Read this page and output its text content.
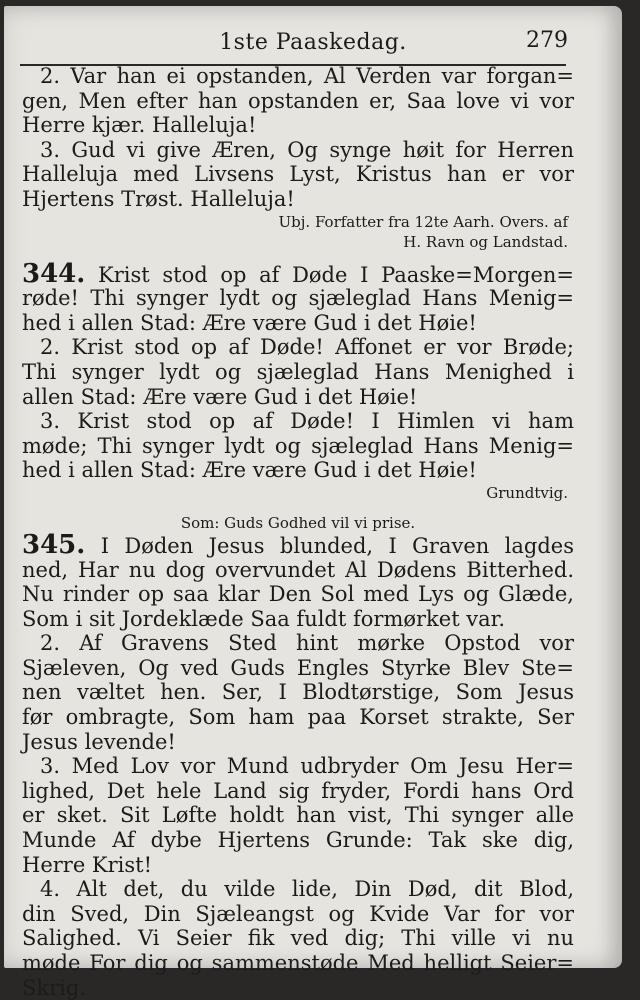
1ste Paaskedag.	279
2. Var han ei opstanden, Al Verden var forgan=
gen, Men efter han opstanden er, Saa love vi vor
Herre kjær. Halleluja!
3. Gud vi give Æren, Og synge høit for Herren
Halleluja med Livsens Lyst, Kristus han er vor
Hjertens Trøst. Halleluja!
Ubj. Forfatter fra 12te Aarh. Overs. af
H. Ravn og Landstad.
344. Krist stod op af Døde I Paaske=Morgen=
røde! Thi synger lydt og sjæleglad Hans Menig=
hed i allen Stad: Ære være Gud i det Høie!
2. Krist stod op af Døde! Affonet er vor Brøde;
Thi synger lydt og sjæleglad Hans Menighed i
allen Stad: Ære være Gud i det Høie!
3. Krist stod op af Døde! I Himlen vi ham
møde; Thi synger lydt og sjæleglad Hans Menig=
hed i allen Stad: Ære være Gud i det Høie!
Grundtvig.
Som: Guds Godhed vil vi prise.
345. I Døden Jesus blunded, I Graven lagdes
ned, Har nu dog overvundet Al Dødens Bitterhed.
Nu rinder op saa klar Den Sol med Lys og Glæde,
Som i sit Jordeklæde Saa fuldt formørket var.
2. Af Gravens Sted hint mørke Opstod vor
Sjæleven, Og ved Guds Engles Styrke Blev Ste=
nen væltet hen. Ser, I Blodtørstige, Som Jesus
før ombragte, Som ham paa Korset strakte, Ser
Jesus levende!
3. Med Lov vor Mund udbryder Om Jesu Her=
lighed, Det hele Land sig fryder, Fordi hans Ord
er sket. Sit Løfte holdt han vist, Thi synger alle
Munde Af dybe Hjertens Grunde: Tak ske dig,
Herre Krist!
4. Alt det, du vilde lide, Din Død, dit Blod,
din Sved, Din Sjæleangst og Kvide Var for vor
Salighed. Vi Seier fik ved dig; Thi ville vi nu
møde For dig og sammenstøde Med helligt Seier=
Skrig.
